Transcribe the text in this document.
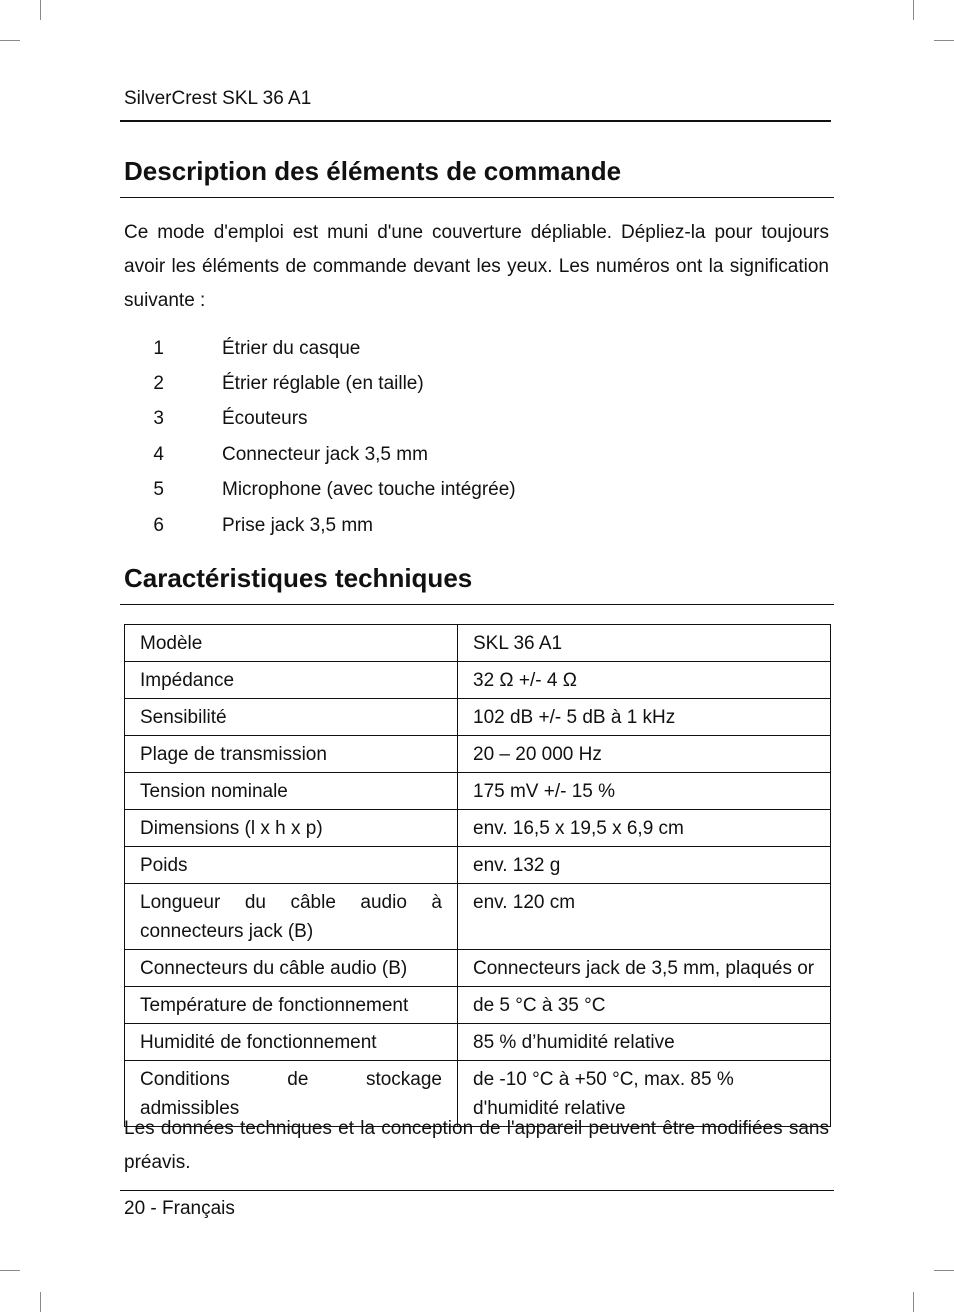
SilverCrest SKL 36 A1
Description des éléments de commande

Ce mode d'emploi est muni d'une couverture dépliable. Dépliez-la pour toujours avoir les éléments de commande devant les yeux. Les numéros ont la signification suivante :

1	Étrier du casque
2	Étrier réglable (en taille)
3	Écouteurs
4	Connecteur jack 3,5 mm
5	Microphone (avec touche intégrée)
6	Prise jack 3,5 mm
Caractéristiques techniques
Modèle	SKL 36 A1
Impédance	32 Ω +/- 4 Ω
Sensibilité	102 dB +/- 5 dB à 1 kHz
Plage de transmission	20 – 20 000 Hz
Tension nominale	175 mV +/- 15 %
Dimensions (l x h x p)	env. 16,5 x 19,5 x 6,9 cm
Poids	env. 132 g
Longueur du câble audio à connecteurs jack (B)	env. 120 cm
Connecteurs du câble audio (B)	Connecteurs jack de 3,5 mm, plaqués or
Température de fonctionnement	de 5 °C à 35 °C
Humidité de fonctionnement	85 % d’humidité relative
Conditions de stockage admissibles	de -10 °C à +50 °C, max. 85 % d'humidité relative

Les données techniques et la conception de l'appareil peuvent être modifiées sans préavis.

20 - Français
